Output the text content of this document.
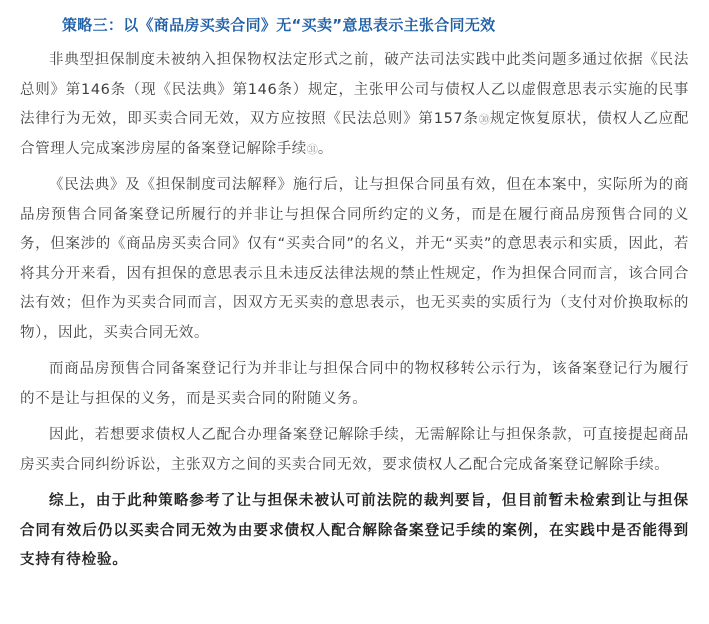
策略三：以《商品房买卖合同》无“买卖”意思表示主张合同无效

非典型担保制度未被纳入担保物权法定形式之前，破产法司法实践中此类问题多通过依据《民法总则》第146条（现《民法典》第146条）规定，主张甲公司与债权人乙以虚假意思表示实施的民事法律行为无效，即买卖合同无效，双方应按照《民法总则》第157条㉚规定恢复原状，债权人乙应配合管理人完成案涉房屋的备案登记解除手续㉛。

《民法典》及《担保制度司法解释》施行后，让与担保合同虽有效，但在本案中，实际所为的商品房预售合同备案登记所履行的并非让与担保合同所约定的义务，而是在履行商品房预售合同的义务，但案涉的《商品房买卖合同》仅有“买卖合同”的名义，并无“买卖”的意思表示和实质，因此，若将其分开来看，因有担保的意思表示且未违反法律法规的禁止性规定，作为担保合同而言，该合同合法有效；但作为买卖合同而言，因双方无买卖的意思表示，也无买卖的实质行为（支付对价换取标的物），因此，买卖合同无效。

而商品房预售合同备案登记行为并非让与担保合同中的物权移转公示行为，该备案登记行为履行的不是让与担保的义务，而是买卖合同的附随义务。

因此，若想要求债权人乙配合办理备案登记解除手续，无需解除让与担保条款，可直接提起商品房买卖合同纠纷诉讼，主张双方之间的买卖合同无效，要求债权人乙配合完成备案登记解除手续。

综上，由于此种策略参考了让与担保未被认可前法院的裁判要旨，但目前暂未检索到让与担保合同有效后仍以买卖合同无效为由要求债权人配合解除备案登记手续的案例，在实践中是否能得到支持有待检验。
